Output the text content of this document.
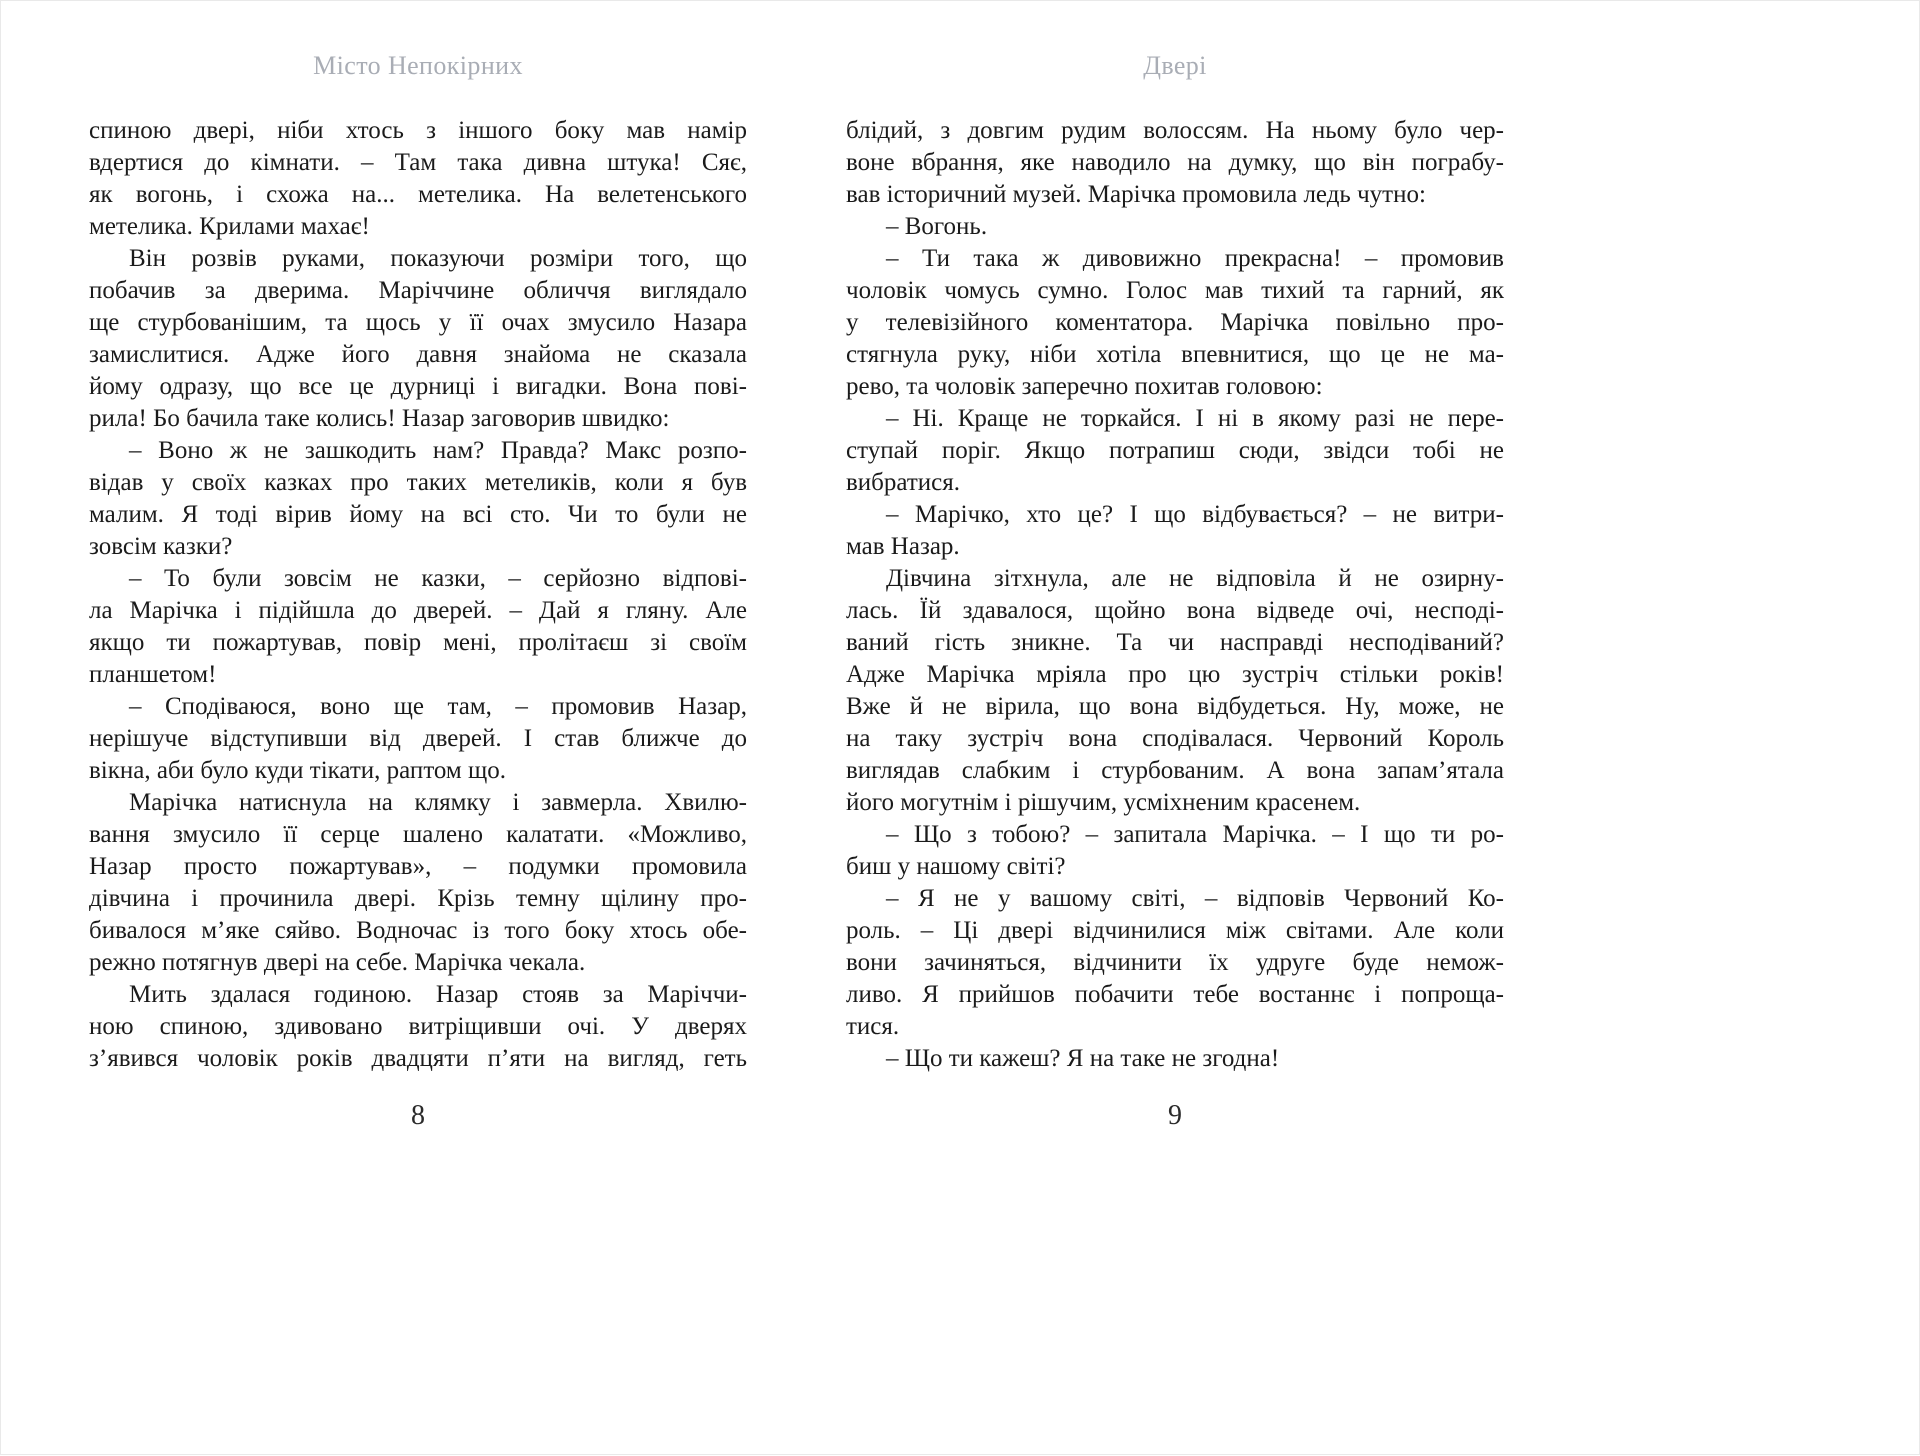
Місто Непокірних
спиною двері, ніби хтось з іншого боку мав намір
вдертися до кімнати. – Там така дивна штука! Сяє,
як вогонь, і схожа на... метелика. На велетенського
метелика. Крилами махає!
Він розвів руками, показуючи розміри того, що
побачив за дверима. Маріччине обличчя виглядало
ще стурбованішим, та щось у її очах змусило Назара
замислитися. Адже його давня знайома не сказала
йому одразу, що все це дурниці і вигадки. Вона пові-
рила! Бо бачила таке колись! Назар заговорив швидко:
– Воно ж не зашкодить нам? Правда? Макс розпо-
відав у своїх казках про таких метеликів, коли я був
малим. Я тоді вірив йому на всі сто. Чи то були не
зовсім казки?
– То були зовсім не казки, – серйозно відпові-
ла Марічка і підійшла до дверей. – Дай я гляну. Але
якщо ти пожартував, повір мені, пролітаєш зі своїм
планшетом!
– Сподіваюся, воно ще там, – промовив Назар,
нерішуче відступивши від дверей. І став ближче до
вікна, аби було куди тікати, раптом що.
Марічка натиснула на клямку і завмерла. Хвилю-
вання змусило її серце шалено калатати. «Можливо,
Назар просто пожартував», – подумки промовила
дівчина і прочинила двері. Крізь темну щілину про-
бивалося м’яке сяйво. Водночас із того боку хтось обе-
режно потягнув двері на себе. Марічка чекала.
Мить здалася годиною. Назар стояв за Маріччи-
ною спиною, здивовано витріщивши очі. У дверях
з’явився чоловік років двадцяти п’яти на вигляд, геть
8
Двері
блідий, з довгим рудим волоссям. На ньому було чер-
воне вбрання, яке наводило на думку, що він пограбу-
вав історичний музей. Марічка промовила ледь чутно:
– Вогонь.
– Ти така ж дивовижно прекрасна! – промовив
чоловік чомусь сумно. Голос мав тихий та гарний, як
у телевізійного коментатора. Марічка повільно про-
стягнула руку, ніби хотіла впевнитися, що це не ма-
рево, та чоловік заперечно похитав головою:
– Ні. Краще не торкайся. І ні в якому разі не пере-
ступай поріг. Якщо потрапиш сюди, звідси тобі не
вибратися.
– Марічко, хто це? І що відбувається? – не витри-
мав Назар.
Дівчина зітхнула, але не відповіла й не озирну-
лась. Їй здавалося, щойно вона відведе очі, несподі-
ваний гість зникне. Та чи насправді несподіваний?
Адже Марічка мріяла про цю зустріч стільки років!
Вже й не вірила, що вона відбудеться. Ну, може, не
на таку зустріч вона сподівалася. Червоний Король
виглядав слабким і стурбованим. А вона запам’ятала
його могутнім і рішучим, усміхненим красенем.
– Що з тобою? – запитала Марічка. – І що ти ро-
биш у нашому світі?
– Я не у вашому світі, – відповів Червоний Ко-
роль. – Ці двері відчинилися між світами. Але коли
вони зачиняться, відчинити їх удруге буде немож-
ливо. Я прийшов побачити тебе востаннє і попроща-
тися.
– Що ти кажеш? Я на таке не згодна!
9
